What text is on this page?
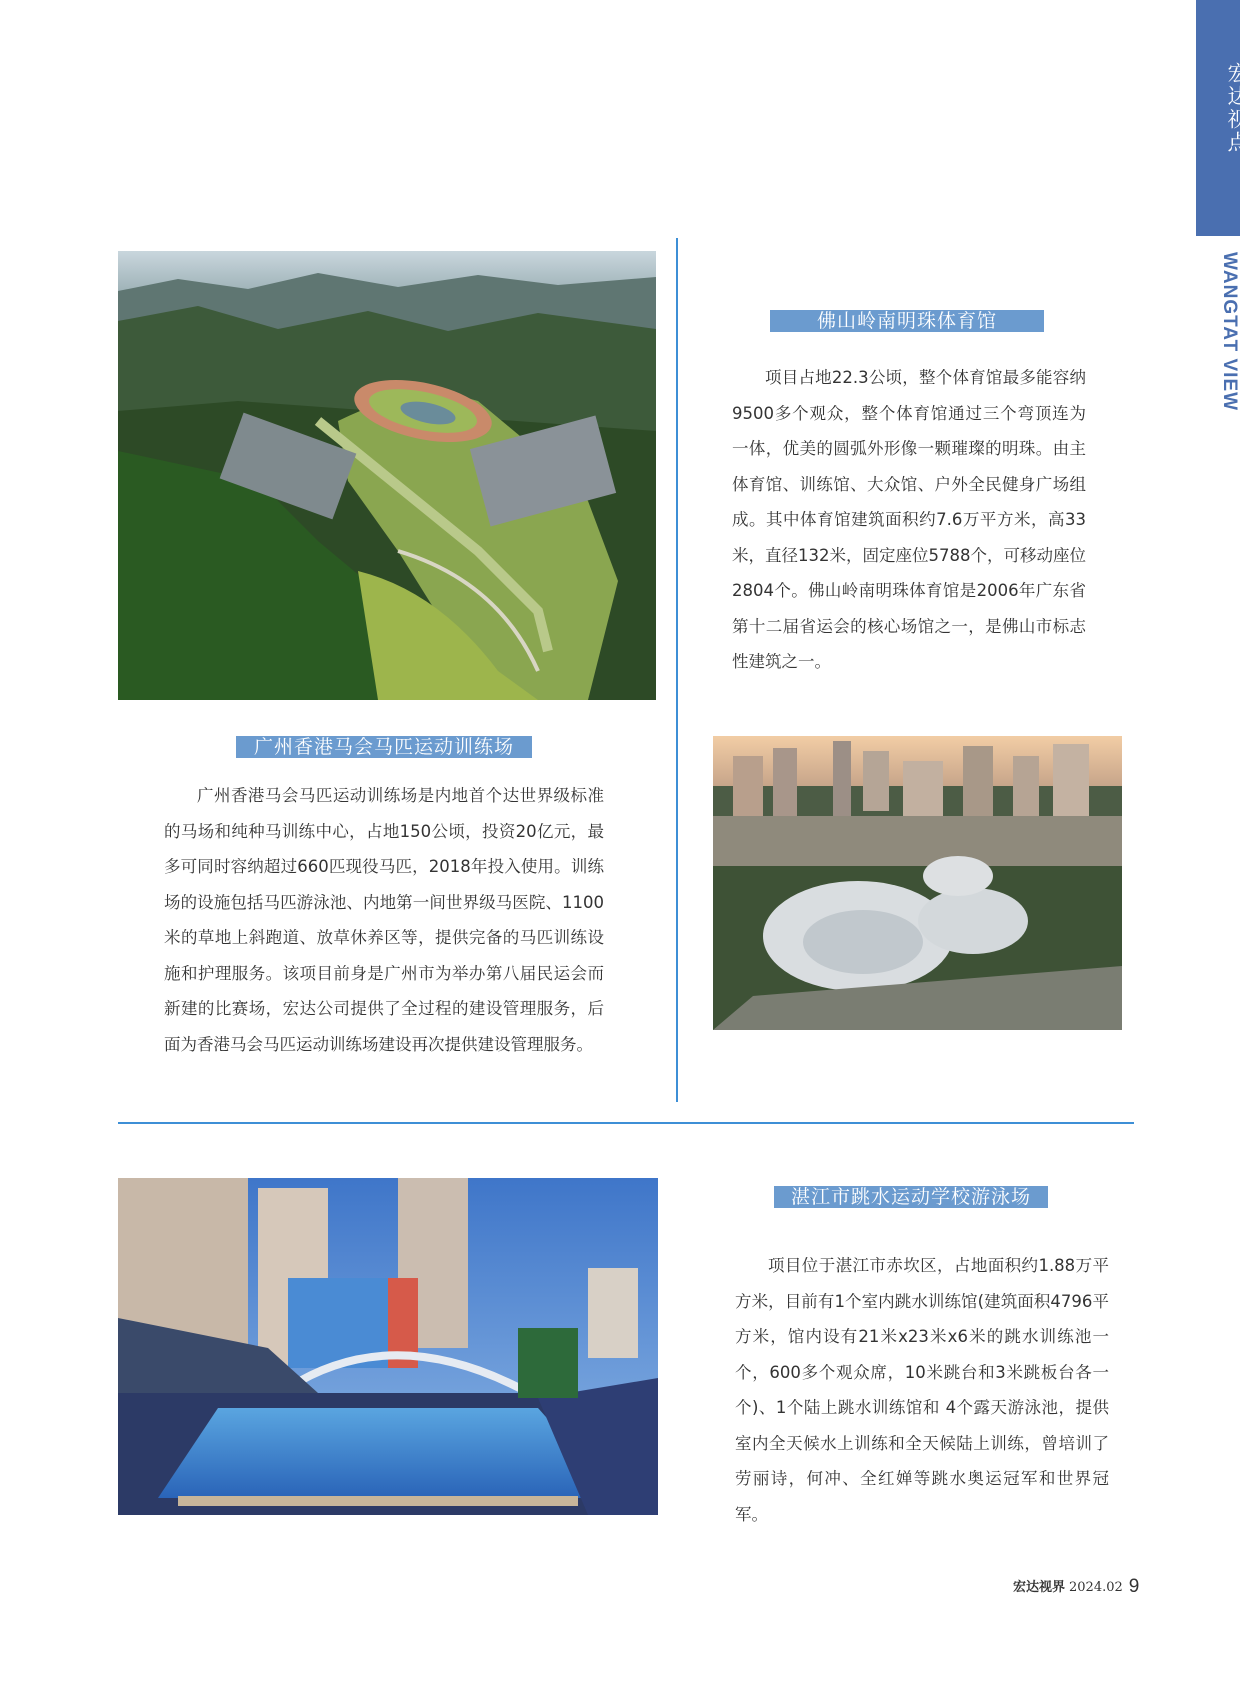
宏达视点
WANGTAT VIEW
广州香港马会马匹运动训练场

广州香港马会马匹运动训练场是内地首个达世界级标准的马场和纯种马训练中心，占地150公顷，投资20亿元，最多可同时容纳超过660匹现役马匹，2018年投入使用。训练场的设施包括马匹游泳池、内地第一间世界级马医院、1100米的草地上斜跑道、放草休养区等，提供完备的马匹训练设施和护理服务。该项目前身是广州市为举办第八届民运会而新建的比赛场，宏达公司提供了全过程的建设管理服务，后面为香港马会马匹运动训练场建设再次提供建设管理服务。

佛山岭南明珠体育馆

项目占地22.3公顷，整个体育馆最多能容纳9500多个观众，整个体育馆通过三个弯顶连为一体，优美的圆弧外形像一颗璀璨的明珠。由主体育馆、训练馆、大众馆、户外全民健身广场组成。其中体育馆建筑面积约7.6万平方米，高33米，直径132米，固定座位5788个，可移动座位2804个。佛山岭南明珠体育馆是2006年广东省第十二届省运会的核心场馆之一，是佛山市标志性建筑之一。

湛江市跳水运动学校游泳场

项目位于湛江市赤坎区，占地面积约1.88万平方米，目前有1个室内跳水训练馆(建筑面积4796平方米，馆内设有21米x23米x6米的跳水训练池一个，600多个观众席，10米跳台和3米跳板台各一个)、1个陆上跳水训练馆和 4个露天游泳池，提供室内全天候水上训练和全天候陆上训练，曾培训了劳丽诗，何冲、全红婵等跳水奥运冠军和世界冠军。

宏达视界 2024.02 9
